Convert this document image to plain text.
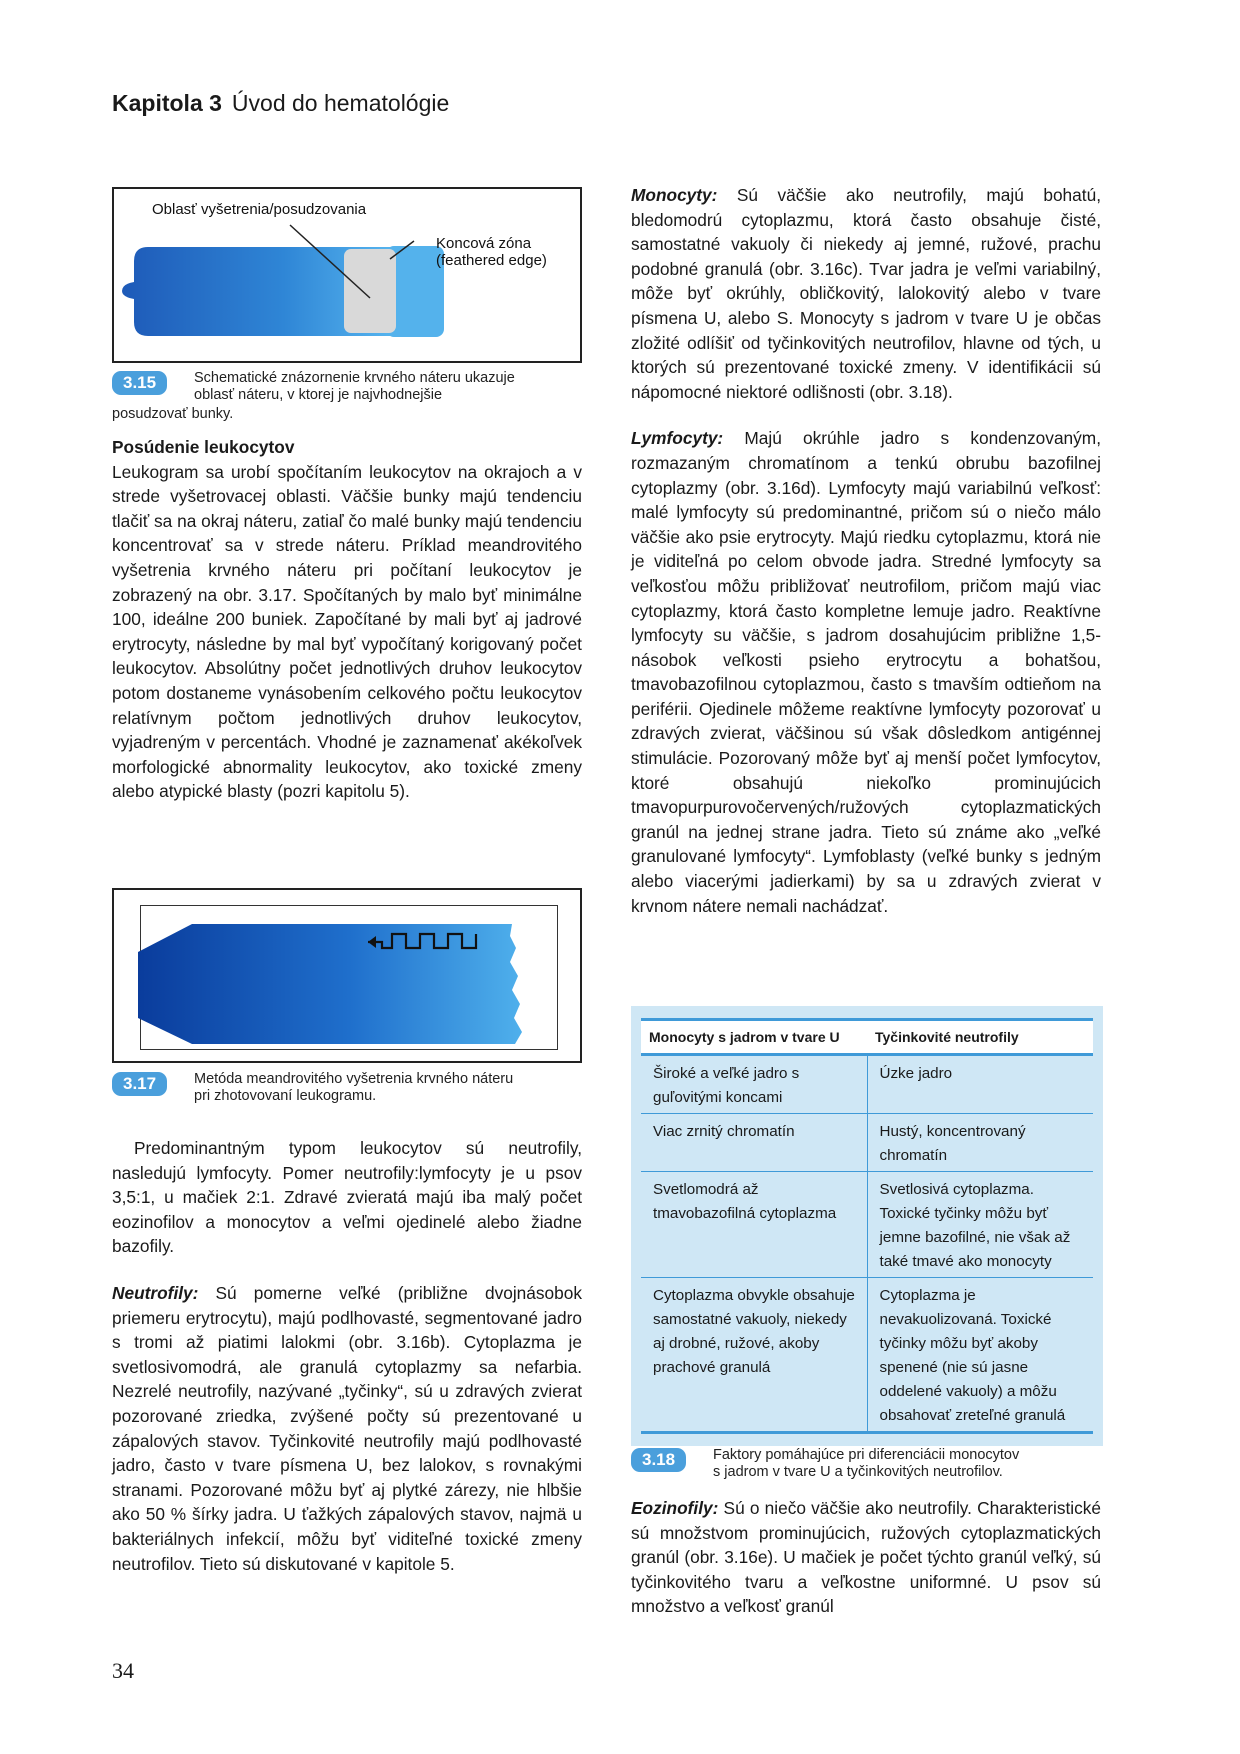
Kapitola 3 Úvod do hematológie
Oblasť vyšetrenia/posudzovania
Koncová zóna
(feathered edge)
3.15	Schematické znázornenie krvného náteru ukazuje
oblasť náteru, v ktorej je najvhodnejšie
posudzovať bunky.

Posúdenie leukocytov

Leukogram sa urobí spočítaním leukocytov na okrajoch a v strede vyšetrovacej oblasti. Väčšie bunky majú tendenciu tlačiť sa na okraj náteru, zatiaľ čo malé bunky majú tendenciu koncentrovať sa v strede náteru. Príklad meandrovitého vyšetrenia krvného náteru pri počítaní leukocytov je zobrazený na obr. 3.17. Spočítaných by malo byť minimálne 100, ideálne 200 buniek. Započítané by mali byť aj jadrové erytrocyty, následne by mal byť vypočítaný korigovaný počet leukocytov. Absolútny počet jednotlivých druhov leukocytov potom dostaneme vynásobením celkového počtu leukocytov relatívnym počtom jednotlivých druhov leukocytov, vyjadreným v percentách. Vhodné je zaznamenať akékoľvek morfologické abnormality leukocytov, ako toxické zmeny alebo atypické blasty (pozri kapitolu 5).

3.17	Metóda meandrovitého vyšetrenia krvného náteru
pri zhotovovaní leukogramu.

Predominantným typom leukocytov sú neutrofily, nasledujú lymfocyty. Pomer neutrofily:lymfocyty je u psov 3,5:1, u mačiek 2:1. Zdravé zvieratá majú iba malý počet eozinofilov a monocytov a veľmi ojedinelé alebo žiadne bazofily.

Neutrofily: Sú pomerne veľké (približne dvojnásobok priemeru erytrocytu), majú podlhovasté, segmentované jadro s tromi až piatimi lalokmi (obr. 3.16b). Cytoplazma je svetlosivomodrá, ale granulá cytoplazmy sa nefarbia. Nezrelé neutrofily, nazývané „tyčinky“, sú u zdravých zvierat pozorované zriedka, zvýšené počty sú prezentované u zápalových stavov. Tyčinkovité neutrofily majú podlhovasté jadro, často v tvare písmena U, bez lalokov, s rovnakými stranami. Pozorované môžu byť aj plytké zárezy, nie hlbšie ako 50 % šírky jadra. U ťažkých zápalových stavov, najmä u bakteriálnych infekcií, môžu byť viditeľné toxické zmeny neutrofilov. Tieto sú diskutované v kapitole 5.

Monocyty: Sú väčšie ako neutrofily, majú bohatú, bledomodrú cytoplazmu, ktorá často obsahuje čisté, samostatné vakuoly či niekedy aj jemné, ružové, prachu podobné granulá (obr. 3.16c). Tvar jadra je veľmi variabilný, môže byť okrúhly, obličkovitý, lalokovitý alebo v tvare písmena U, alebo S. Monocyty s jadrom v tvare U je občas zložité odlíšiť od tyčinkovitých neutrofilov, hlavne od tých, u ktorých sú prezentované toxické zmeny. V identifikácii sú nápomocné niektoré odlišnosti (obr. 3.18).

Lymfocyty: Majú okrúhle jadro s kondenzovaným, rozmazaným chromatínom a tenkú obrubu bazofilnej cytoplazmy (obr. 3.16d). Lymfocyty majú variabilnú veľkosť: malé lymfocyty sú predominantné, pričom sú o niečo málo väčšie ako psie erytrocyty. Majú riedku cytoplazmu, ktorá nie je viditeľná po celom obvode jadra. Stredné lymfocyty sa veľkosťou môžu približovať neutrofilom, pričom majú viac cytoplazmy, ktorá často kompletne lemuje jadro. Reaktívne lymfocyty su väčšie, s jadrom dosahujúcim približne 1,5-násobok veľkosti psieho erytrocytu a bohatšou, tmavobazofilnou cytoplazmou, často s tmavším odtieňom na periférii. Ojedinele môžeme reaktívne lymfocyty pozorovať u zdravých zvierat, väčšinou sú však dôsledkom antigénnej stimulácie. Pozorovaný môže byť aj menší počet lymfocytov, ktoré obsahujú niekoľko prominujúcich tmavopurpurovočervených/ružových cytoplazmatických granúl na jednej strane jadra. Tieto sú známe ako „veľké granulované lymfocyty“. Lymfoblasty (veľké bunky s jedným alebo viacerými jadierkami) by sa u zdravých zvierat v krvnom nátere nemali nachádzať.

Monocyty s jadrom v tvare U	Tyčinkovité neutrofily
Široké a veľké jadro s guľovitými koncami	Úzke jadro
Viac zrnitý chromatín	Hustý, koncentrovaný chromatín
Svetlomodrá až tmavobazofilná cytoplazma	Svetlosivá cytoplazma. Toxické tyčinky môžu byť jemne bazofilné, nie však až také tmavé ako monocyty
Cytoplazma obvykle obsahuje samostatné vakuoly, niekedy aj drobné, ružové, akoby prachové granulá	Cytoplazma je nevakuolizovaná. Toxické tyčinky môžu byť akoby spenené (nie sú jasne oddelené vakuoly) a môžu obsahovať zreteľné granulá
3.18	Faktory pomáhajúce pri diferenciácii monocytov
s jadrom v tvare U a tyčinkovitých neutrofilov.

Eozinofily: Sú o niečo väčšie ako neutrofily. Charakteristické sú množstvom prominujúcich, ružových cytoplazmatických granúl (obr. 3.16e). U mačiek je počet týchto granúl veľký, sú tyčinkovitého tvaru a veľkostne uniformné. U psov sú množstvo a veľkosť granúl

34
